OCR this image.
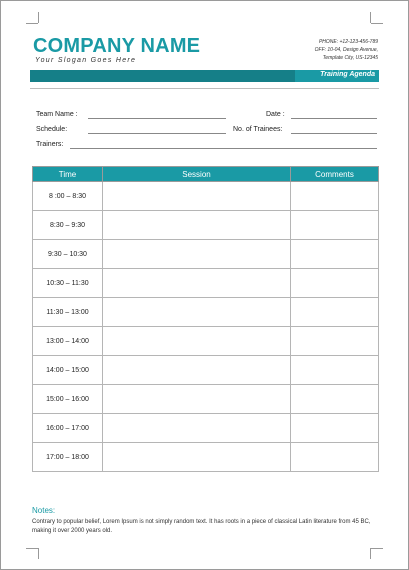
COMPANY NAME
Your Slogan Goes Here
PHONE: +12-123-456-789
OFF: 10-04, Design Avenue,
Template City, US-12345
Training Agenda
Team Name :	Date :
Schedule:	No. of Trainees:
Trainers:
Time	Session	Comments
8 :00 – 8:30		
8:30 – 9:30		
9:30 – 10:30		
10:30 – 11:30		
11:30 – 13:00		
13:00 – 14:00		
14:00 – 15:00		
15:00 – 16:00		
16:00 – 17:00		
17:00 – 18:00		
Notes:
Contrary to popular belief, Lorem Ipsum is not simply random text. It has roots in a piece of classical Latin literature from 45 BC, making it over 2000 years old.
